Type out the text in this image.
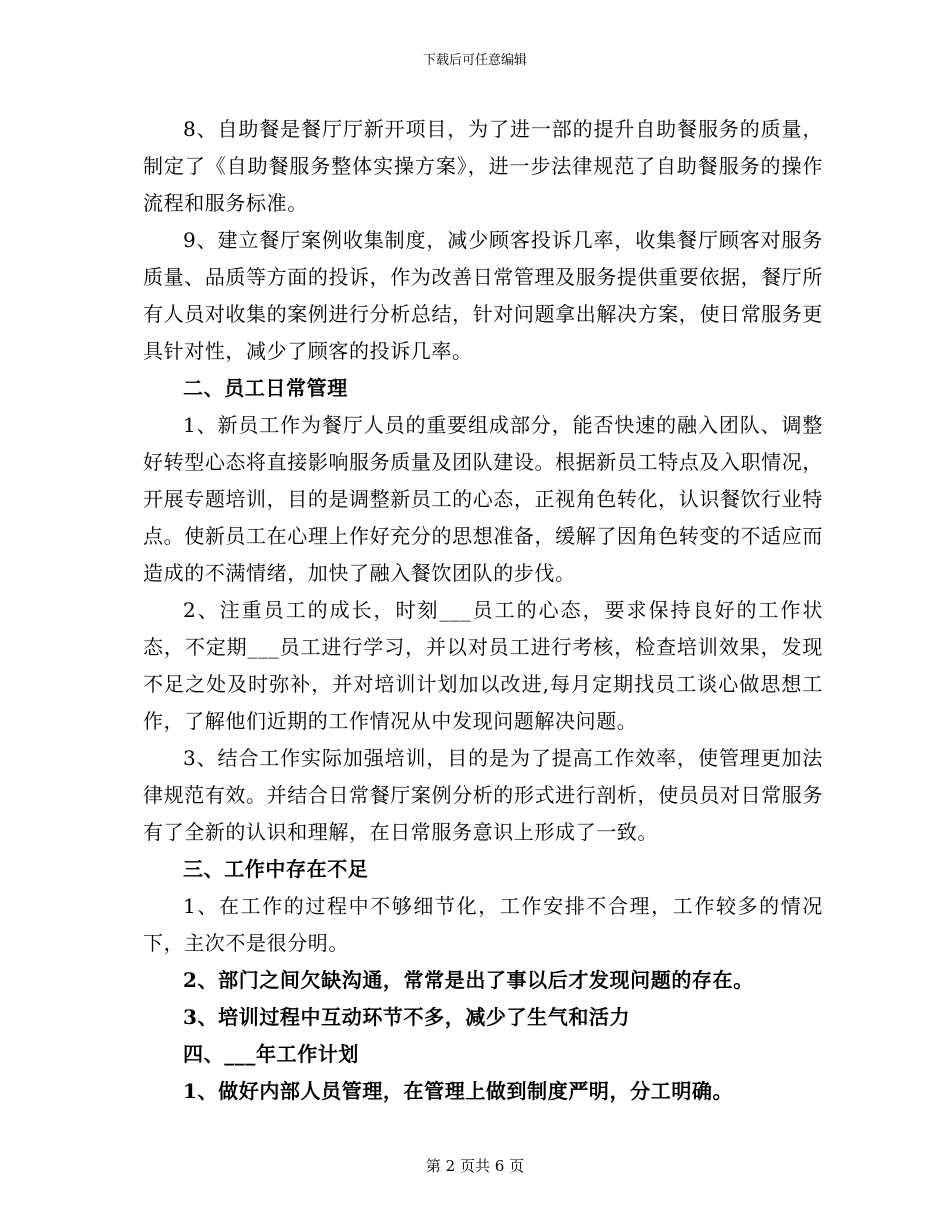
下载后可任意编辑

8、自助餐是餐厅厅新开项目，为了进一部的提升自助餐服务的质量，制定了《自助餐服务整体实操方案》，进一步法律规范了自助餐服务的操作流程和服务标准。

9、建立餐厅案例收集制度，减少顾客投诉几率，收集餐厅顾客对服务质量、品质等方面的投诉，作为改善日常管理及服务提供重要依据，餐厅所有人员对收集的案例进行分析总结，针对问题拿出解决方案，使日常服务更具针对性，减少了顾客的投诉几率。

二、员工日常管理

1、新员工作为餐厅人员的重要组成部分，能否快速的融入团队、调整好转型心态将直接影响服务质量及团队建设。根据新员工特点及入职情况，开展专题培训，目的是调整新员工的心态，正视角色转化，认识餐饮行业特点。使新员工在心理上作好充分的思想准备，缓解了因角色转变的不适应而造成的不满情绪，加快了融入餐饮团队的步伐。

2、注重员工的成长，时刻___员工的心态，要求保持良好的工作状态，不定期___员工进行学习，并以对员工进行考核，检查培训效果，发现不足之处及时弥补，并对培训计划加以改进,每月定期找员工谈心做思想工作，了解他们近期的工作情况从中发现问题解决问题。

3、结合工作实际加强培训，目的是为了提高工作效率，使管理更加法律规范有效。并结合日常餐厅案例分析的形式进行剖析，使员员对日常服务有了全新的认识和理解，在日常服务意识上形成了一致。

三、工作中存在不足

1、在工作的过程中不够细节化，工作安排不合理，工作较多的情况下，主次不是很分明。

2、部门之间欠缺沟通，常常是出了事以后才发现问题的存在。

3、培训过程中互动环节不多，减少了生气和活力

四、___年工作计划

1、做好内部人员管理，在管理上做到制度严明，分工明确。

第 2 页共 6 页
